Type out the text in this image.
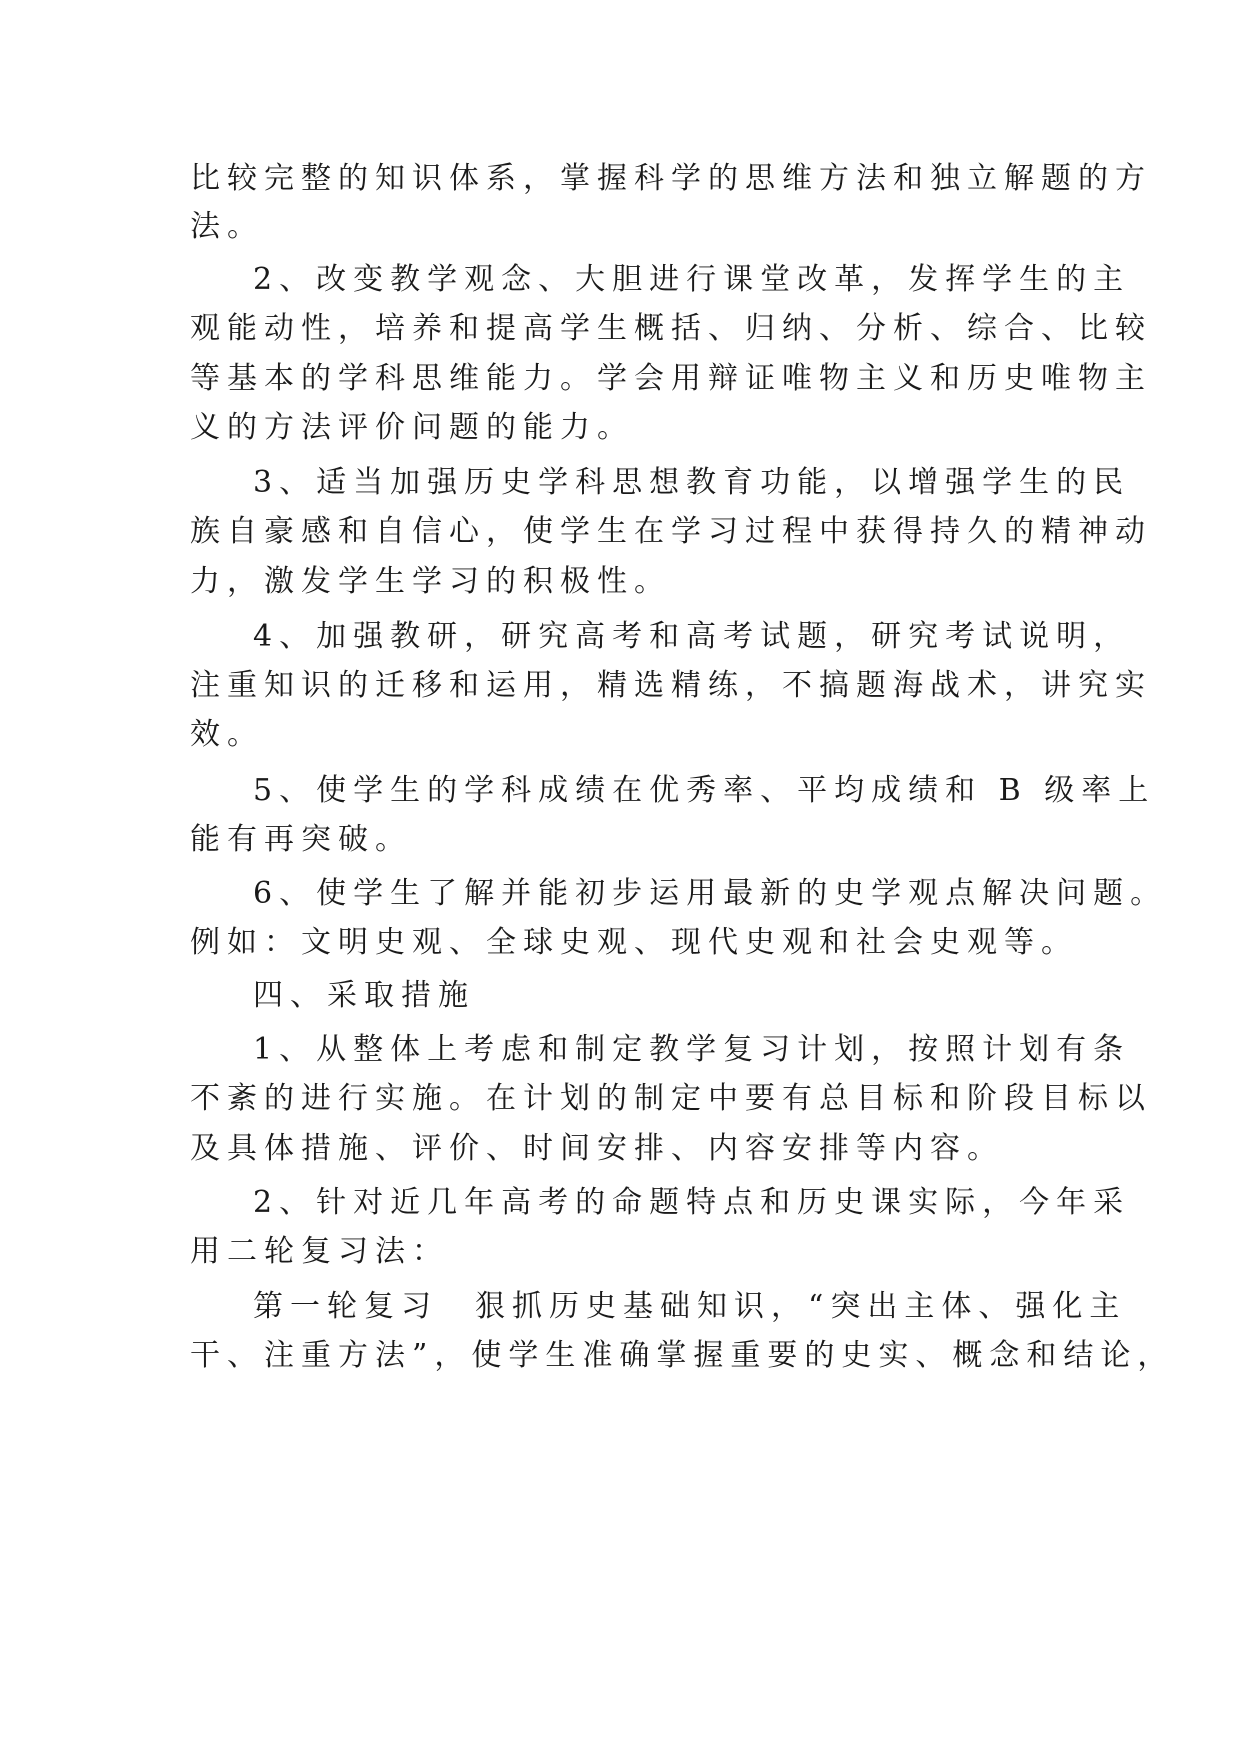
比较完整的知识体系，掌握科学的思维方法和独立解题的方
法。
2、改变教学观念、大胆进行课堂改革，发挥学生的主
观能动性，培养和提高学生概括、归纳、分析、综合、比较
等基本的学科思维能力。学会用辩证唯物主义和历史唯物主
义的方法评价问题的能力。
3、适当加强历史学科思想教育功能，以增强学生的民
族自豪感和自信心，使学生在学习过程中获得持久的精神动
力，激发学生学习的积极性。
4、加强教研，研究高考和高考试题，研究考试说明，
注重知识的迁移和运用，精选精练，不搞题海战术，讲究实
效。
5、使学生的学科成绩在优秀率、平均成绩和 B 级率上
能有再突破。
6、使学生了解并能初步运用最新的史学观点解决问题。
例如：文明史观、全球史观、现代史观和社会史观等。
四、采取措施
1、从整体上考虑和制定教学复习计划，按照计划有条
不紊的进行实施。在计划的制定中要有总目标和阶段目标以
及具体措施、评价、时间安排、内容安排等内容。
2、针对近几年高考的命题特点和历史课实际，今年采
用二轮复习法：
第一轮复习　狠抓历史基础知识，“突出主体、强化主
干、注重方法”，使学生准确掌握重要的史实、概念和结论，
